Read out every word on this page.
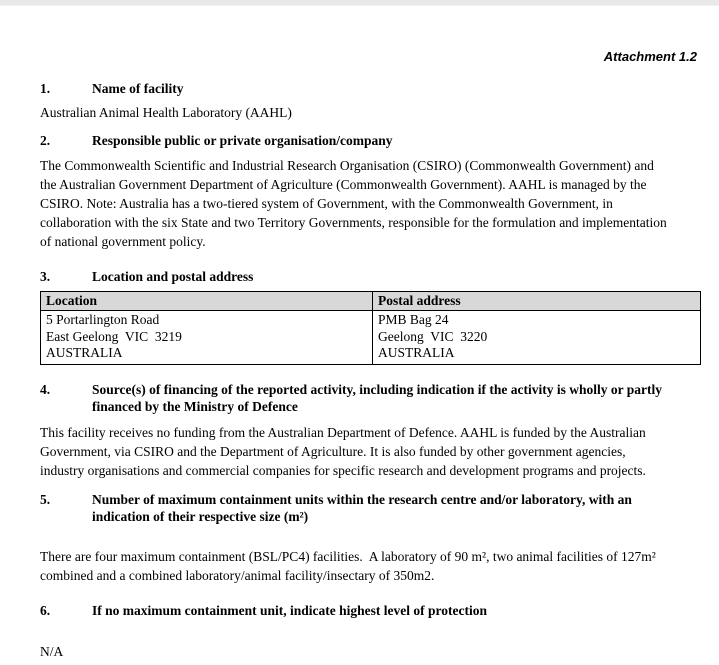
Attachment 1.2
1.	Name of facility
Australian Animal Health Laboratory (AAHL)
2.	Responsible public or private organisation/company
The Commonwealth Scientific and Industrial Research Organisation (CSIRO) (Commonwealth Government) and
the Australian Government Department of Agriculture (Commonwealth Government). AAHL is managed by the
CSIRO. Note: Australia has a two-tiered system of Government, with the Commonwealth Government, in
collaboration with the six State and two Territory Governments, responsible for the formulation and implementation
of national government policy.
3.	Location and postal address
Location	Postal address

5 Portarlington Road
East Geelong  VIC  3219
AUSTRALIA

PMB Bag 24
Geelong  VIC  3220
AUSTRALIA
4.	Source(s) of financing of the reported activity, including indication if the activity is wholly or partly
financed by the Ministry of Defence
This facility receives no funding from the Australian Department of Defence. AAHL is funded by the Australian
Government, via CSIRO and the Department of Agriculture. It is also funded by other government agencies,
industry organisations and commercial companies for specific research and development programs and projects.
5.	Number of maximum containment units within the research centre and/or laboratory, with an
indication of their respective size (m²)
There are four maximum containment (BSL/PC4) facilities.  A laboratory of 90 m², two animal facilities of 127m²
combined and a combined laboratory/animal facility/insectary of 350m2.
6.	If no maximum containment unit, indicate highest level of protection
N/A
